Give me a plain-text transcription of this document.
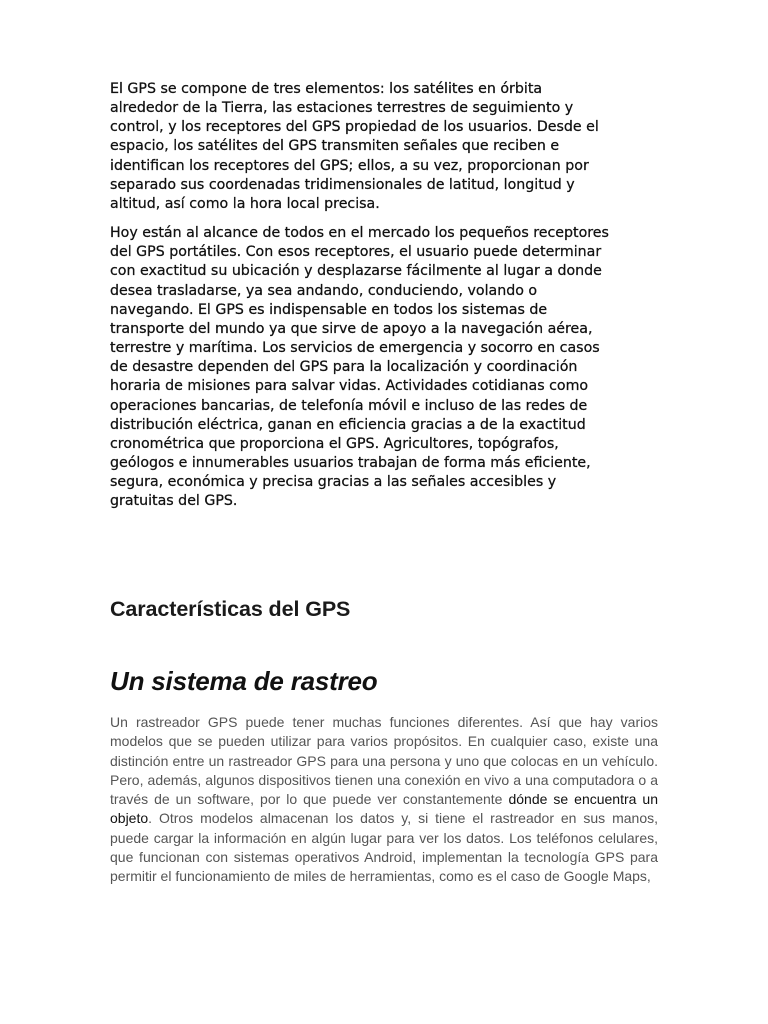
El GPS se compone de tres elementos: los satélites en órbita
alrededor de la Tierra, las estaciones terrestres de seguimiento y
control, y los receptores del GPS propiedad de los usuarios. Desde el
espacio, los satélites del GPS transmiten señales que reciben e
identifican los receptores del GPS; ellos, a su vez, proporcionan por
separado sus coordenadas tridimensionales de latitud, longitud y
altitud, así como la hora local precisa.

Hoy están al alcance de todos en el mercado los pequeños receptores
del GPS portátiles. Con esos receptores, el usuario puede determinar
con exactitud su ubicación y desplazarse fácilmente al lugar a donde
desea trasladarse, ya sea andando, conduciendo, volando o
navegando. El GPS es indispensable en todos los sistemas de
transporte del mundo ya que sirve de apoyo a la navegación aérea,
terrestre y marítima. Los servicios de emergencia y socorro en casos
de desastre dependen del GPS para la localización y coordinación
horaria de misiones para salvar vidas. Actividades cotidianas como
operaciones bancarias, de telefonía móvil e incluso de las redes de
distribución eléctrica, ganan en eficiencia gracias a de la exactitud
cronométrica que proporciona el GPS. Agricultores, topógrafos,
geólogos e innumerables usuarios trabajan de forma más eficiente,
segura, económica y precisa gracias a las señales accesibles y
gratuitas del GPS.

Características del GPS
Un sistema de rastreo

Un rastreador GPS puede tener muchas funciones diferentes. Así que hay varios modelos que se pueden utilizar para varios propósitos. En cualquier caso, existe una distinción entre un rastreador GPS para una persona y uno que colocas en un vehículo. Pero, además, algunos dispositivos tienen una conexión en vivo a una computadora o a través de un software, por lo que puede ver constantemente dónde se encuentra un objeto. Otros modelos almacenan los datos y, si tiene el rastreador en sus manos, puede cargar la información en algún lugar para ver los datos. Los teléfonos celulares, que funcionan con sistemas operativos Android, implementan la tecnología GPS para permitir el funcionamiento de miles de herramientas, como es el caso de Google Maps,
